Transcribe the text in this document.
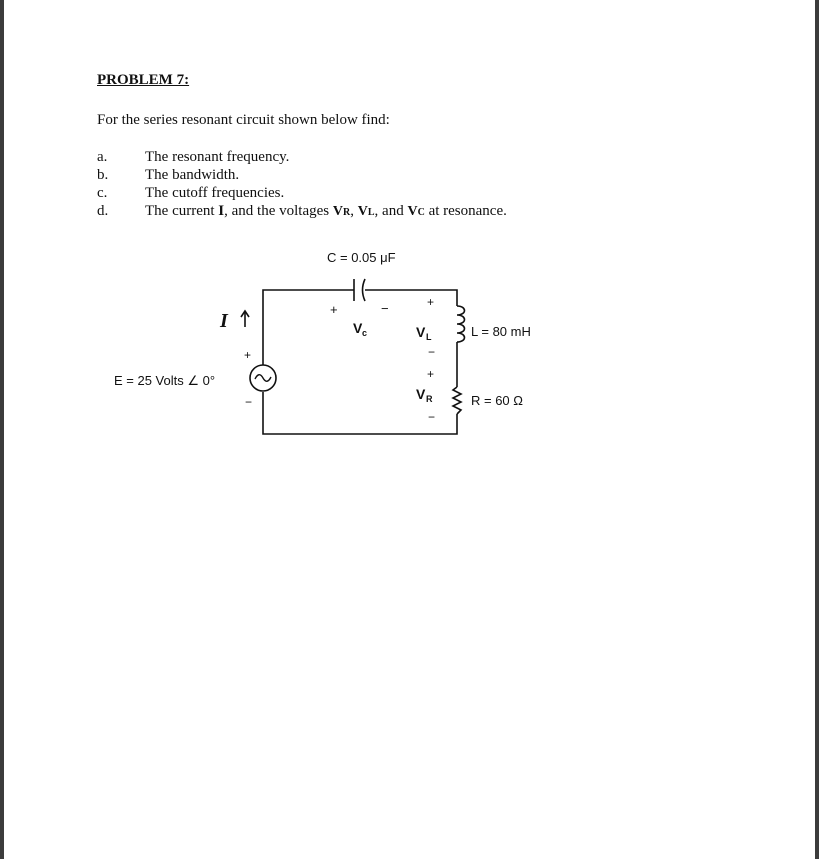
PROBLEM 7:
For the series resonant circuit shown below find:
a.	The resonant frequency.
b. The bandwidth.
c.	The cutoff frequencies.
d. The current I, and the voltages VR, VL, and VC at resonance.
C = 0.05 μF
E = 25 Volts ∠ 0°
L = 80 mH
R = 60 Ω
I	V c
+	−
V L
+
−
V R
+
−
+
−
